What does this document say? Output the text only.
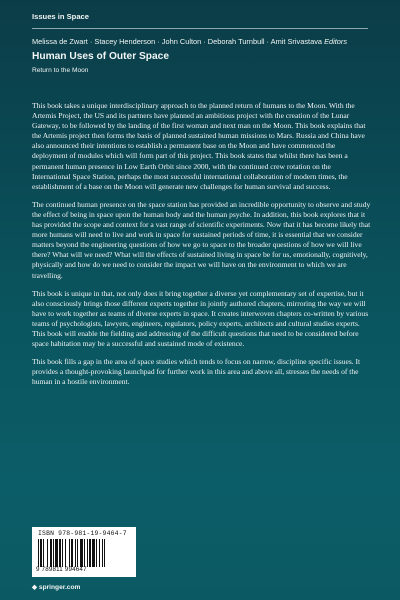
Issues in Space
Melissa de Zwart · Stacey Henderson · John Culton · Deborah Turnbull · Amit Srivastava Editors
Human Uses of Outer Space
Return to the Moon

This book takes a unique interdisciplinary approach to the planned return of humans to the Moon. With the Artemis Project, the US and its partners have planned an ambitious project with the creation of the Lunar Gateway, to be followed by the landing of the first woman and next man on the Moon. This book explains that the Artemis project then forms the basis of planned sustained human missions to Mars. Russia and China have also announced their intentions to establish a permanent base on the Moon and have commenced the deployment of modules which will form part of this project. This book states that whilst there has been a permanent human presence in Low Earth Orbit since 2000, with the continued crew rotation on the International Space Station, perhaps the most successful international collaboration of modern times, the establishment of a base on the Moon will generate new challenges for human survival and success.

The continued human presence on the space station has provided an incredible opportunity to observe and study the effect of being in space upon the human body and the human psyche. In addition, this book explores that it has provided the scope and context for a vast range of scientific experiments. Now that it has become likely that more humans will need to live and work in space for sustained periods of time, it is essential that we consider matters beyond the engineering questions of how we go to space to the broader questions of how we will live there? What will we need? What will the effects of sustained living in space be for us, emotionally, cognitively, physically and how do we need to consider the impact we will have on the environment to which we are travelling.

This book is unique in that, not only does it bring together a diverse yet complementary set of expertise, but it also consciously brings those different experts together in jointly authored chapters, mirroring the way we will have to work together as teams of diverse experts in space. It creates interwoven chapters co-written by various teams of psychologists, lawyers, engineers, regulators, policy experts, architects and cultural studies experts. This book will enable the fielding and addressing of the difficult questions that need to be considered before space habitation may be a successful and sustained mode of existence.

This book fills a gap in the area of space studies which tends to focus on narrow, discipline specific issues. It provides a thought-provoking launchpad for further work in this area and above all, stresses the needs of the human in a hostile environment.

ISBN 978-981-19-9464-7
9 789811 994647
◆ springer.com
